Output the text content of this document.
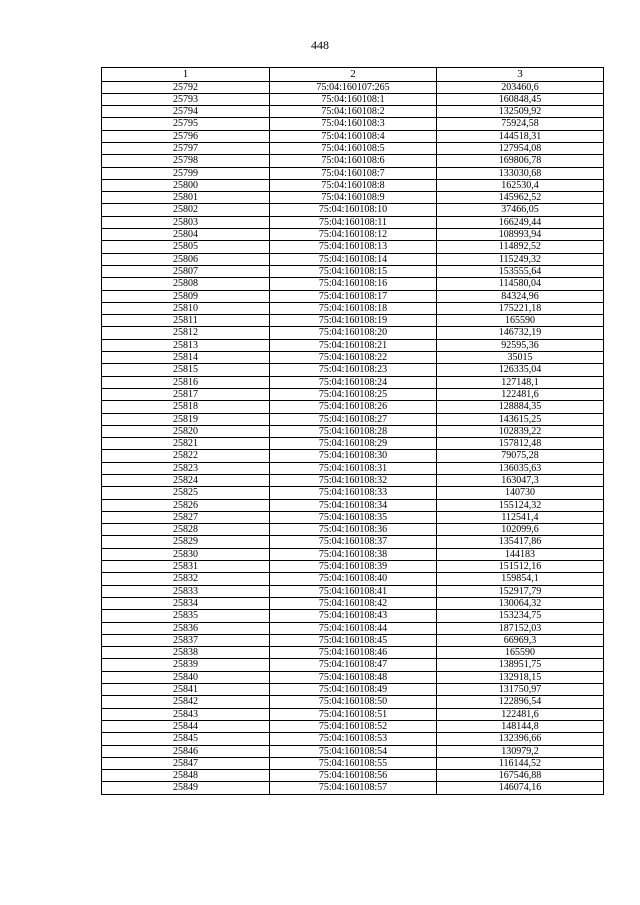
448
1	2	3
25792	75:04:160107:265	203460,6
25793	75:04:160108:1	160848,45
25794	75:04:160108:2	132509,92
25795	75:04:160108:3	75924,58
25796	75:04:160108:4	144518,31
25797	75:04:160108:5	127954,08
25798	75:04:160108:6	169806,78
25799	75:04:160108:7	133030,68
25800	75:04:160108:8	162530,4
25801	75:04:160108:9	145962,52
25802	75:04:160108:10	37466,05
25803	75:04:160108:11	166249,44
25804	75:04:160108:12	108993,94
25805	75:04:160108:13	114892,52
25806	75:04:160108:14	115249,32
25807	75:04:160108:15	153555,64
25808	75:04:160108:16	114580,04
25809	75:04:160108:17	84324,96
25810	75:04:160108:18	175221,18
25811	75:04:160108:19	165590
25812	75:04:160108:20	146732,19
25813	75:04:160108:21	92595,36
25814	75:04:160108:22	35015
25815	75:04:160108:23	126335,04
25816	75:04:160108:24	127148,1
25817	75:04:160108:25	122481,6
25818	75:04:160108:26	128884,35
25819	75:04:160108:27	143615,25
25820	75:04:160108:28	102839,22
25821	75:04:160108:29	157812,48
25822	75:04:160108:30	79075,28
25823	75:04:160108:31	136035,63
25824	75:04:160108:32	163047,3
25825	75:04:160108:33	140730
25826	75:04:160108:34	155124,32
25827	75:04:160108:35	112541,4
25828	75:04:160108:36	102099,6
25829	75:04:160108:37	135417,86
25830	75:04:160108:38	144183
25831	75:04:160108:39	151512,16
25832	75:04:160108:40	159854,1
25833	75:04:160108:41	152917,79
25834	75:04:160108:42	130064,32
25835	75:04:160108:43	153234,75
25836	75:04:160108:44	187152,03
25837	75:04:160108:45	66969,3
25838	75:04:160108:46	165590
25839	75:04:160108:47	138951,75
25840	75:04:160108:48	132918,15
25841	75:04:160108:49	131750,97
25842	75:04:160108:50	122896,54
25843	75:04:160108:51	122481,6
25844	75:04:160108:52	148144,8
25845	75:04:160108:53	132396,66
25846	75:04:160108:54	130979,2
25847	75:04:160108:55	116144,52
25848	75:04:160108:56	167546,88
25849	75:04:160108:57	146074,16
